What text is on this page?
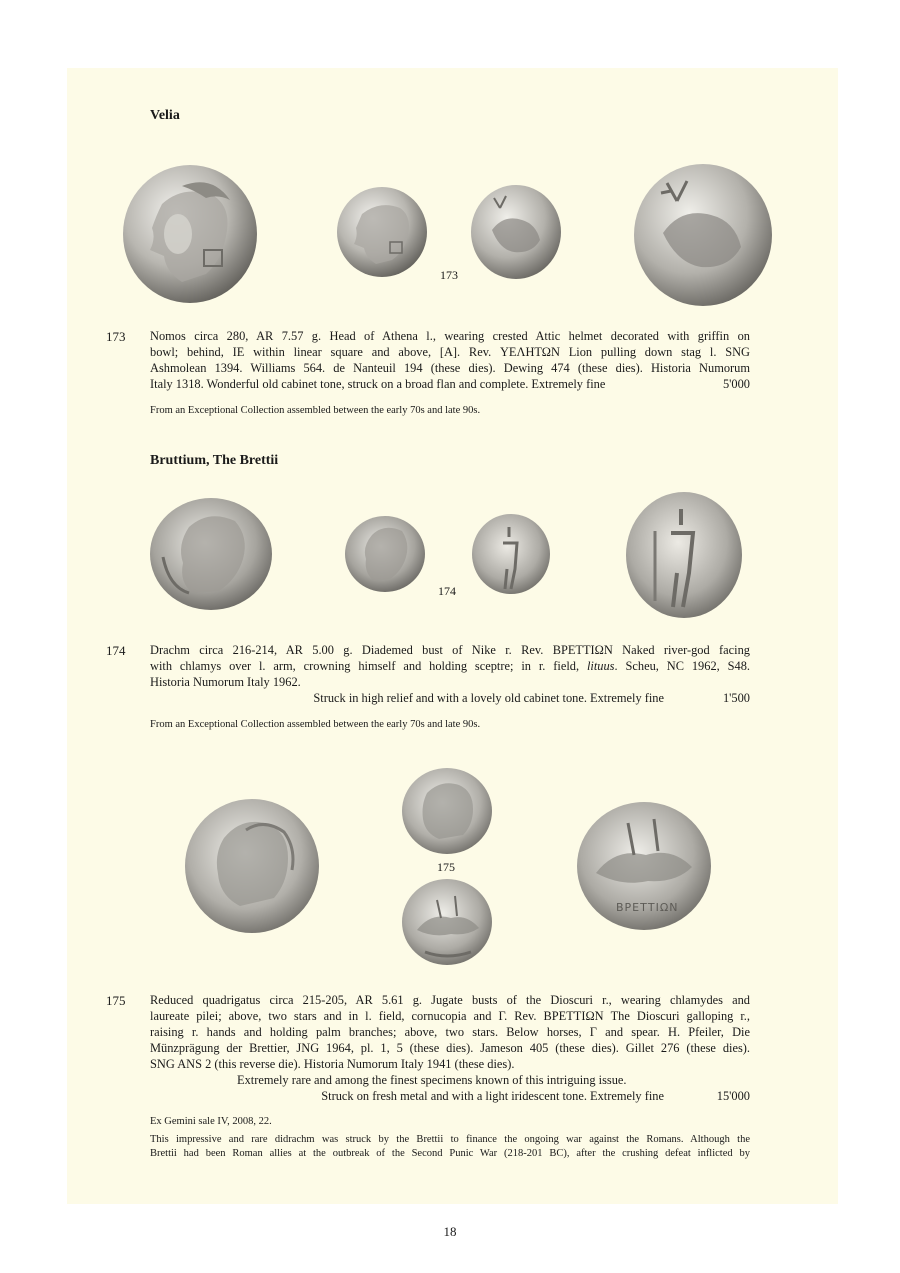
Velia
173
173 Nomos circa 280, AR 7.57 g. Head of Athena l., wearing crested Attic helmet decorated with griffin on
bowl; behind, IE within linear square and above, [A]. Rev. ΥΕΛΗΤΩΝ Lion pulling down stag l. SNG
Ashmolean 1394. Williams 564. de Nanteuil 194 (these dies). Dewing 474 (these dies). Historia Numorum
Italy 1318. Wonderful old cabinet tone, struck on a broad flan and complete. Extremely fine	5'000
From an Exceptional Collection assembled between the early 70s and late 90s.
Bruttium, The Brettii
174
174 Drachm circa 216-214, AR 5.00 g. Diademed bust of Nike r. Rev. ΒΡΕΤΤΙΩΝ Naked river-god facing
with chlamys over l. arm, crowning himself and holding sceptre; in r. field, lituus. Scheu, NC 1962, S48.
Historia Numorum Italy 1962.
Struck in high relief and with a lovely old cabinet tone. Extremely fine	1'500
From an Exceptional Collection assembled between the early 70s and late 90s.
175
ΒΡΕΤΤΙΩΝ
175 Reduced quadrigatus circa 215-205, AR 5.61 g. Jugate busts of the Dioscuri r., wearing chlamydes and
laureate pilei; above, two stars and in l. field, cornucopia and Γ. Rev. ΒΡΕΤΤΙΩΝ The Dioscuri galloping r.,
raising r. hands and holding palm branches; above, two stars. Below horses, Γ and spear. H. Pfeiler, Die
Münzprägung der Brettier, JNG 1964, pl. 1, 5 (these dies). Jameson 405 (these dies). Gillet 276 (these dies).
SNG ANS 2 (this reverse die). Historia Numorum Italy 1941 (these dies).
Extremely rare and among the finest specimens known of this intriguing issue.
Struck on fresh metal and with a light iridescent tone. Extremely fine	15'000
Ex Gemini sale IV, 2008, 22.
This impressive and rare didrachm was struck by the Brettii to finance the ongoing war against the Romans. Although the
Brettii had been Roman allies at the outbreak of the Second Punic War (218-201 BC), after the crushing defeat inflicted by
18
